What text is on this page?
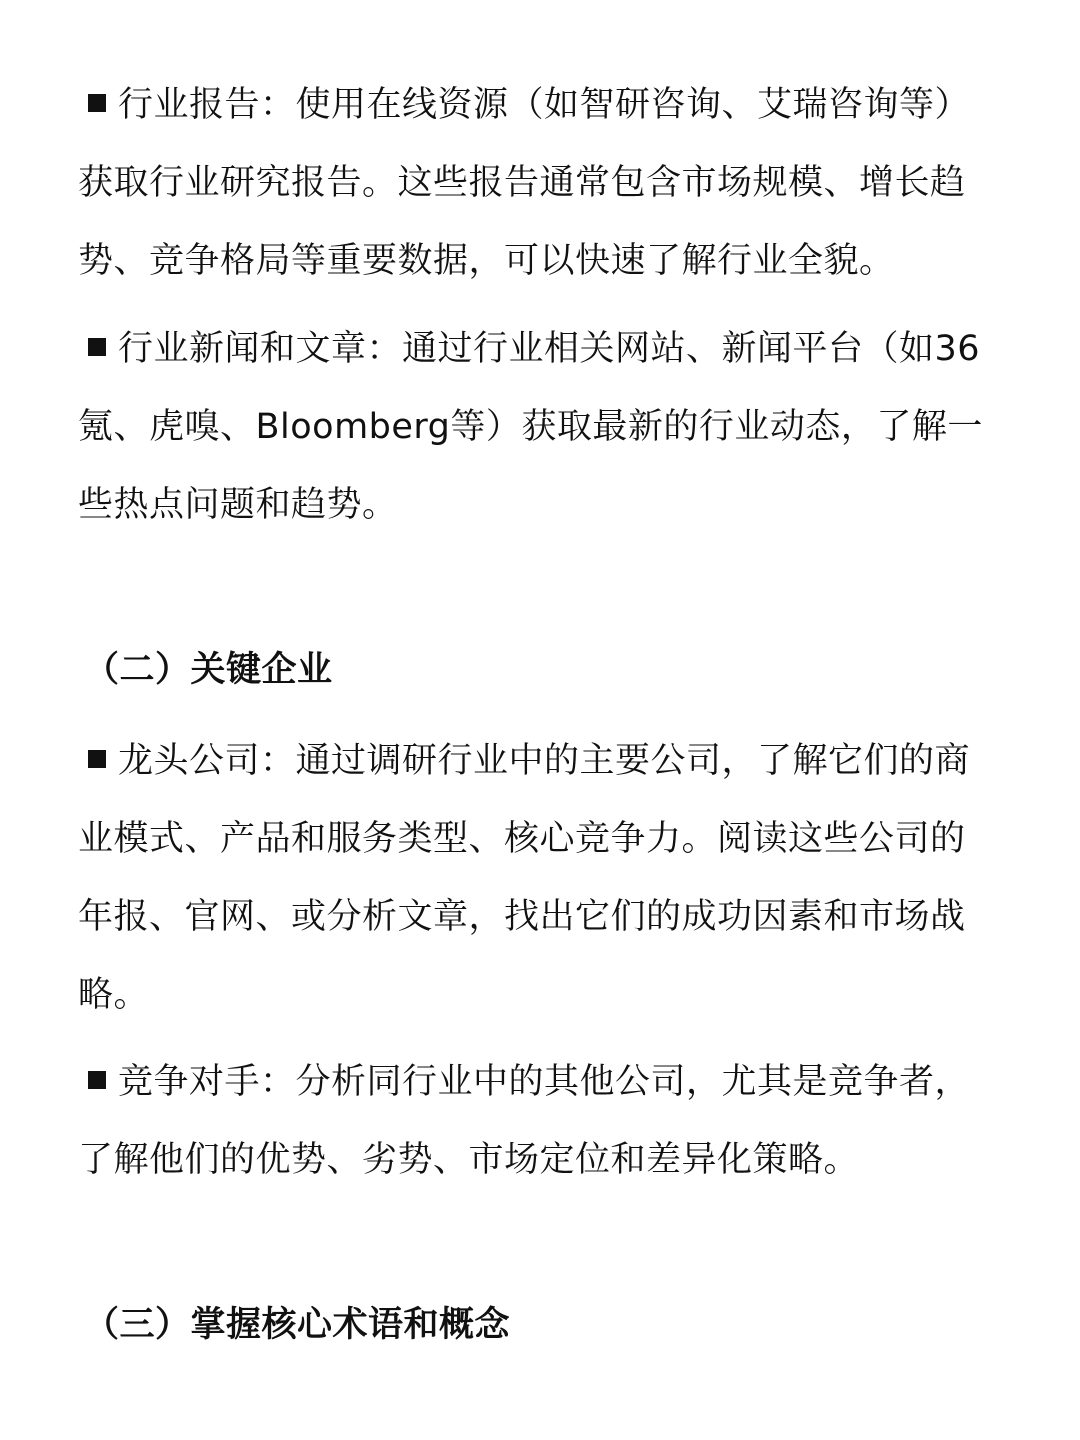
行业报告：使用在线资源（如智研咨询、艾瑞咨询等）获取行业研究报告。这些报告通常包含市场规模、增长趋势、竞争格局等重要数据，可以快速了解行业全貌。

行业新闻和文章：通过行业相关网站、新闻平台（如36氪、虎嗅、Bloomberg等）获取最新的行业动态，了解一些热点问题和趋势。

（二）关键企业

龙头公司：通过调研行业中的主要公司，了解它们的商业模式、产品和服务类型、核心竞争力。阅读这些公司的年报、官网、或分析文章，找出它们的成功因素和市场战略。

竞争对手：分析同行业中的其他公司，尤其是竞争者，了解他们的优势、劣势、市场定位和差异化策略。

（三）掌握核心术语和概念
